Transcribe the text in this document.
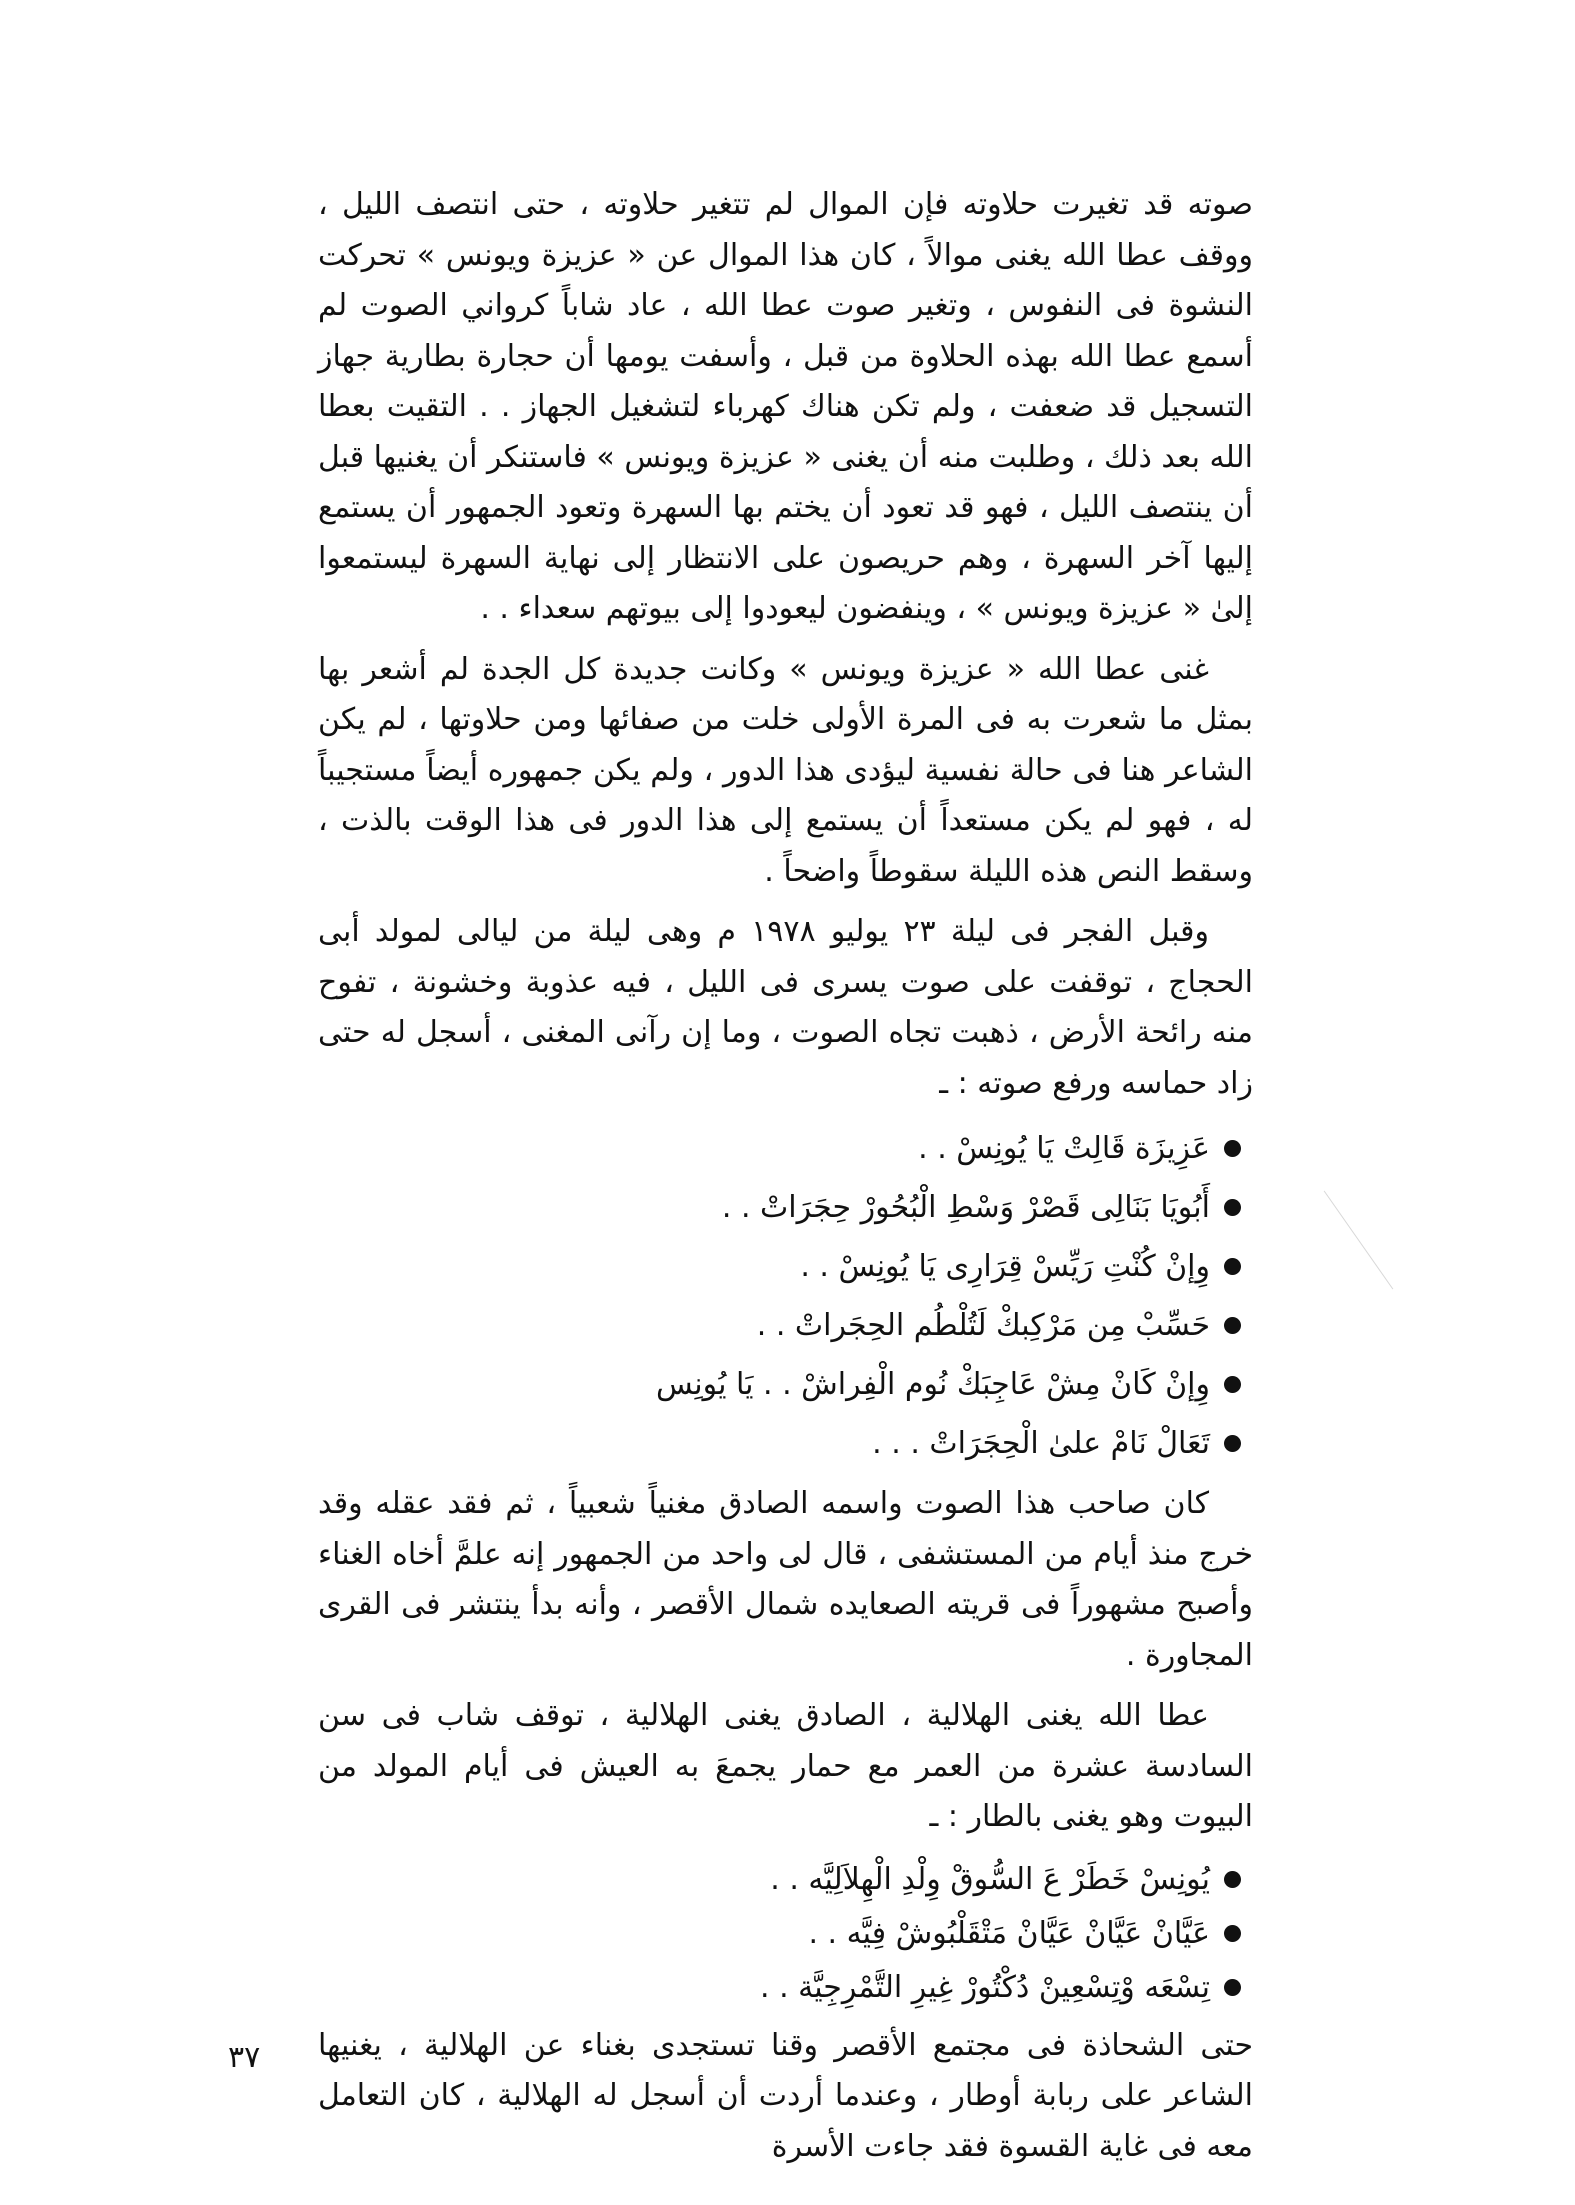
صوته قد تغيرت حلاوته فإن الموال لم تتغير حلاوته ، حتى انتصف الليل ، ووقف عطا الله يغنى موالاً ، كان هذا الموال عن « عزيزة ويونس » تحركت النشوة فى النفوس ، وتغير صوت عطا الله ، عاد شاباً كرواني الصوت لم أسمع عطا الله بهذه الحلاوة من قبل ، وأسفت يومها أن حجارة بطارية جهاز التسجيل قد ضعفت ، ولم تكن هناك كهرباء لتشغيل الجهاز . . التقيت بعطا الله بعد ذلك ، وطلبت منه أن يغنى « عزيزة ويونس » فاستنكر أن يغنيها قبل أن ينتصف الليل ، فهو قد تعود أن يختم بها السهرة وتعود الجمهور أن يستمع إليها آخر السهرة ، وهم حريصون على الانتظار إلى نهاية السهرة ليستمعوا إلىٰ « عزيزة ويونس » ، وينفضون ليعودوا إلى بيوتهم سعداء . .

غنى عطا الله « عزيزة ويونس » وكانت جديدة كل الجدة لم أشعر بها بمثل ما شعرت به فى المرة الأولى خلت من صفائها ومن حلاوتها ، لم يكن الشاعر هنا فى حالة نفسية ليؤدى هذا الدور ، ولم يكن جمهوره أيضاً مستجيباً له ، فهو لم يكن مستعداً أن يستمع إلى هذا الدور فى هذا الوقت بالذت ، وسقط النص هذه الليلة سقوطاً واضحاً .

وقبل الفجر فى ليلة ٢٣ يوليو ١٩٧٨ م وهى ليلة من ليالى لمولد أبى الحجاج ، توقفت على صوت يسرى فى الليل ، فيه عذوبة وخشونة ، تفوح منه رائحة الأرض ، ذهبت تجاه الصوت ، وما إن رآنى المغنى ، أسجل له حتى زاد حماسه ورفع صوته : ـ

عَزِيزَة قَالِتْ يَا يُونِسْ . .
أَبُويَا بَنَالِى قَصْرْ وَسْطِ الْبُحُورْ حِجَرَاتْ . .
وِإنْ كُنْتِ رَيِّسْ قِرَارِى يَا يُونِسْ . .
حَسِّبْ مِن مَرْكِبكْ لَتُلْطُم الحِجَراتْ . .
وِإنْ كَانْ مِشْ عَاجِبَكْ نُوم الْفِراشْ . . يَا يُونِس
تَعَالْ نَامْ علىٰ الْحِجَرَاتْ . . .

كان صاحب هذا الصوت واسمه الصادق مغنياً شعبياً ، ثم فقد عقله وقد خرج منذ أيام من المستشفى ، قال لى واحد من الجمهور إنه علمَّ أخاه الغناء وأصبح مشهوراً فى قريته الصعايده شمال الأقصر ، وأنه بدأ ينتشر فى القرى المجاورة .

عطا الله يغنى الهلالية ، الصادق يغنى الهلالية ، توقف شاب فى سن السادسة عشرة من العمر مع حمار يجمعَ به العيش فى أيام المولد من البيوت وهو يغنى بالطار : ـ

يُونِسْ خَطَرْ عَ السُّوقْ وِلْدِ الْهِلاَلِيَّه . .
عَيَّانْ عَيَّانْ عَيَّانْ مَتْقَلْبُوشْ فِيَّه . .
تِسْعَه وْتِسْعِينْ دُكْتُورْ غِيرِ التَّمْرِجِيَّة . .

حتى الشحاذة فى مجتمع الأقصر وقنا تستجدى بغناء عن الهلالية ، يغنيها الشاعر على ربابة أوطار ، وعندما أردت أن أسجل له الهلالية ، كان التعامل معه فى غاية القسوة فقد جاءت الأسرة

٣٧
